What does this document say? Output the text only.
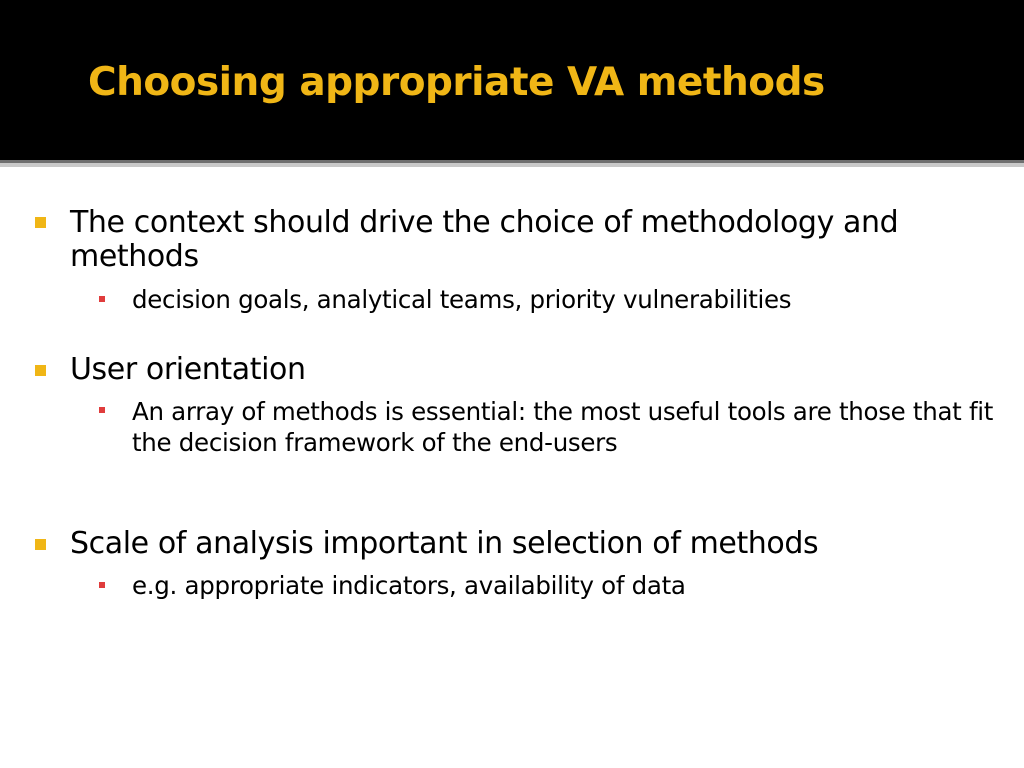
Choosing appropriate VA methods
The context should drive the choice of methodology and methods
decision goals, analytical teams, priority vulnerabilities
User orientation
An array of methods is essential: the most useful tools are those that fit the decision framework of the end-users
Scale of analysis important in selection of methods
e.g. appropriate indicators, availability of data
